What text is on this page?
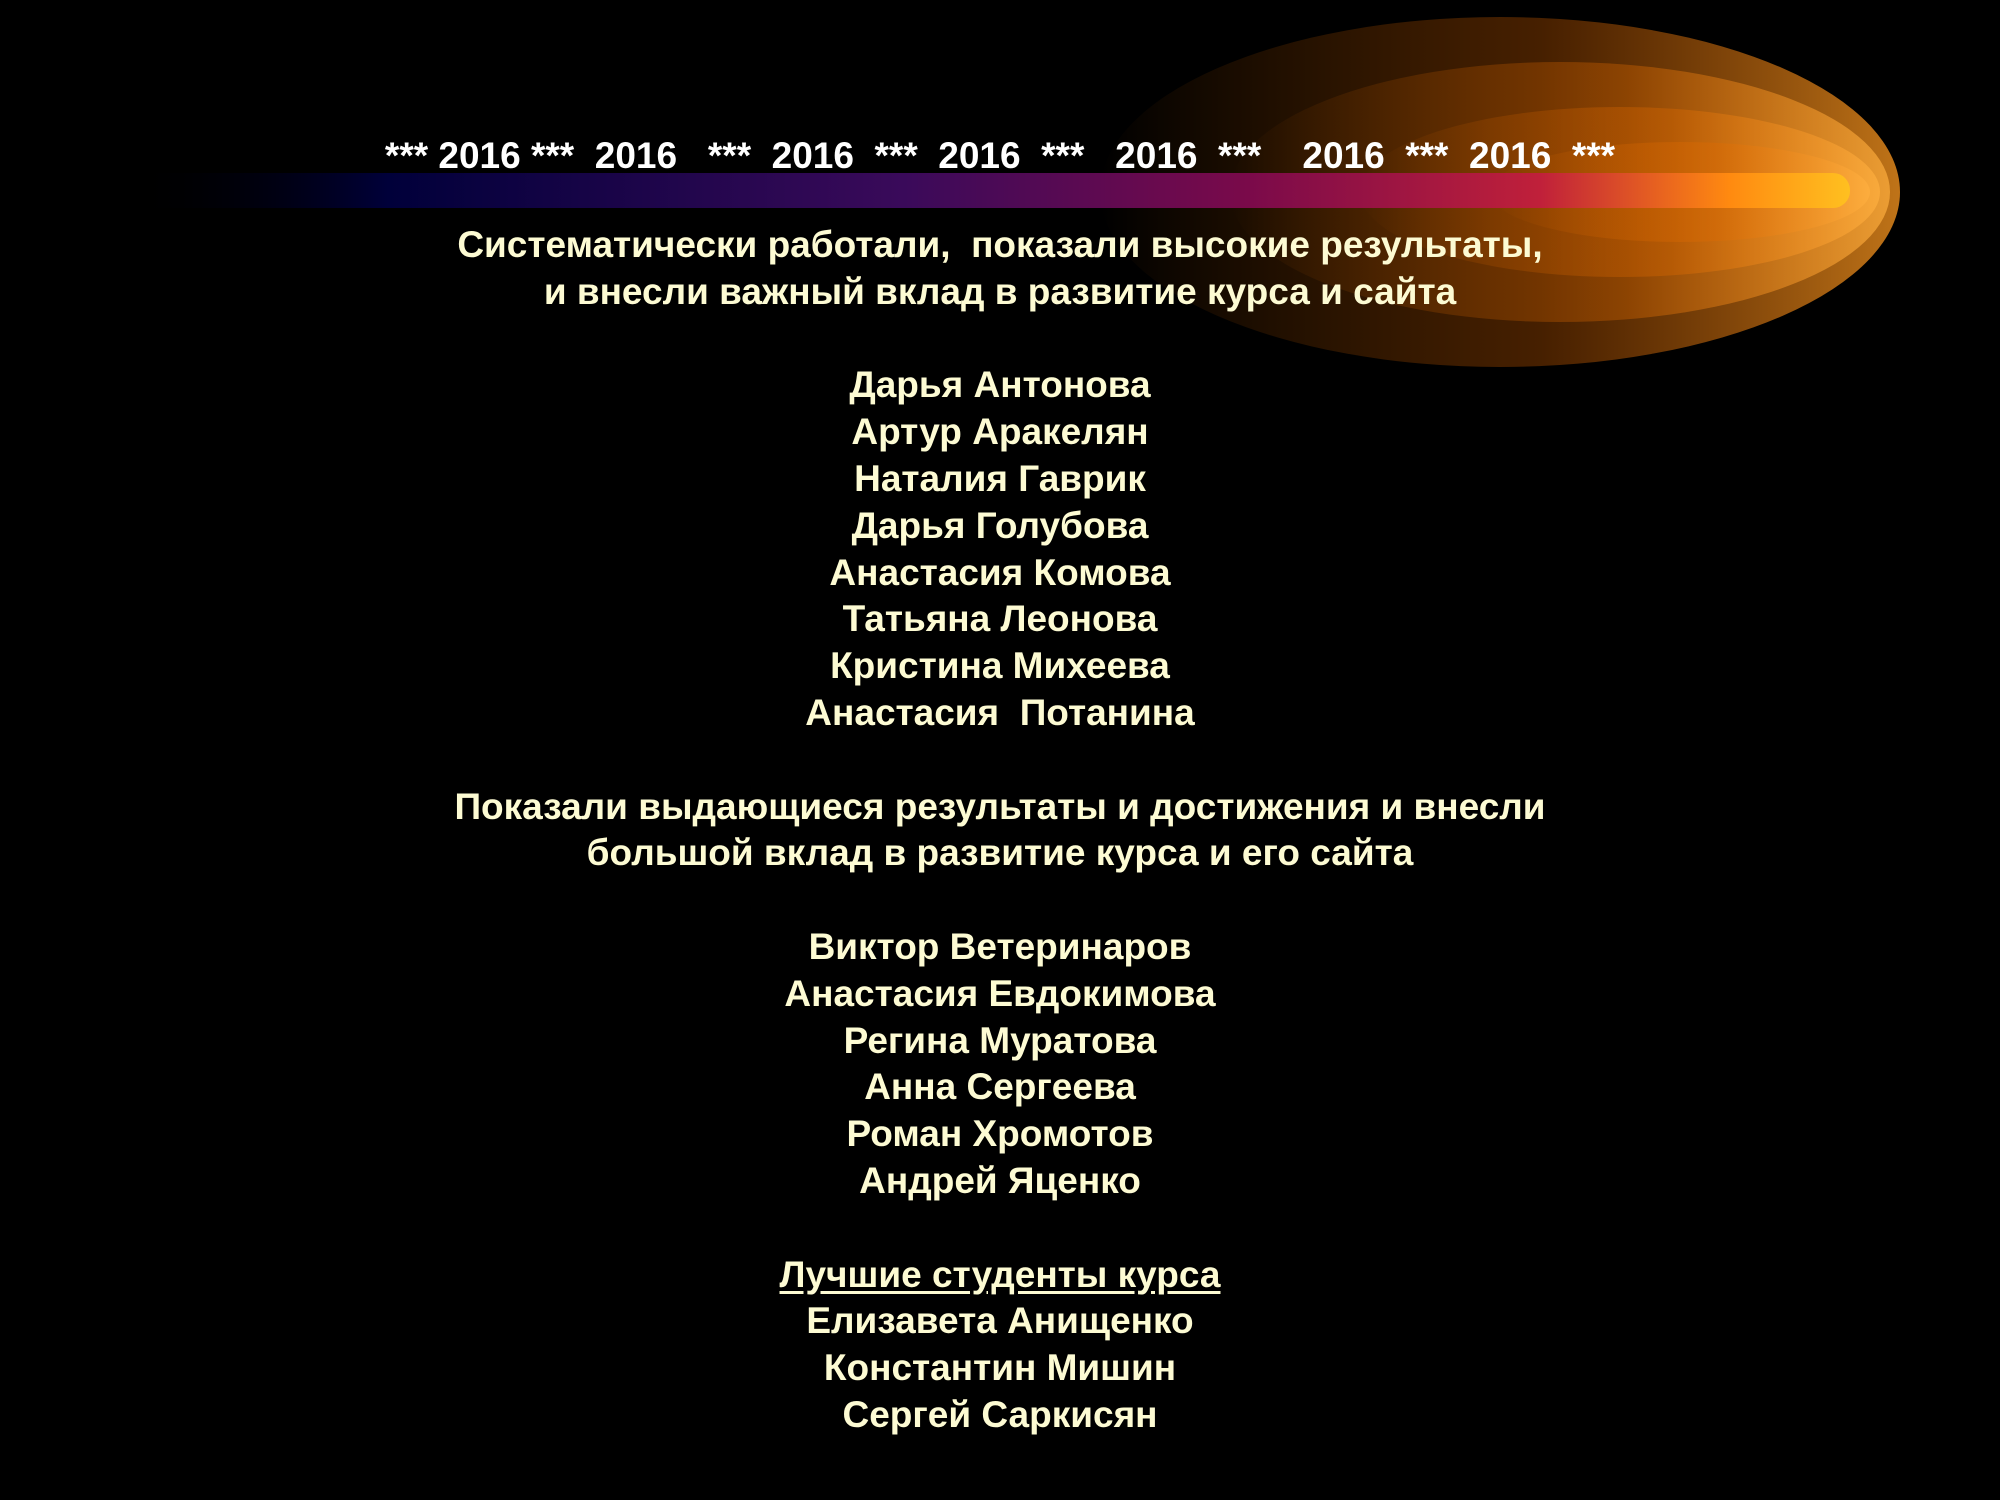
*** 2016 ***  2016   ***  2016  ***  2016  ***   2016  ***    2016  ***  2016  ***
Систематически работали,  показали высокие результаты,
и внесли важный вклад в развитие курса и сайта
Дарья Антонова
Артур Аракелян
Наталия Гаврик
Дарья Голубова
Анастасия Комова
Татьяна Леонова
Кристина Михеева
Анастасия  Потанина
Показали выдающиеся результаты и достижения и внесли
большой вклад в развитие курса и его сайта
Виктор Ветеринаров
Анастасия Евдокимова
Регина Муратова
Анна Сергеева
Роман Хромотов
Андрей Яценко
Лучшие студенты курса
Елизавета Анищенко
Константин Мишин
Сергей Саркисян
